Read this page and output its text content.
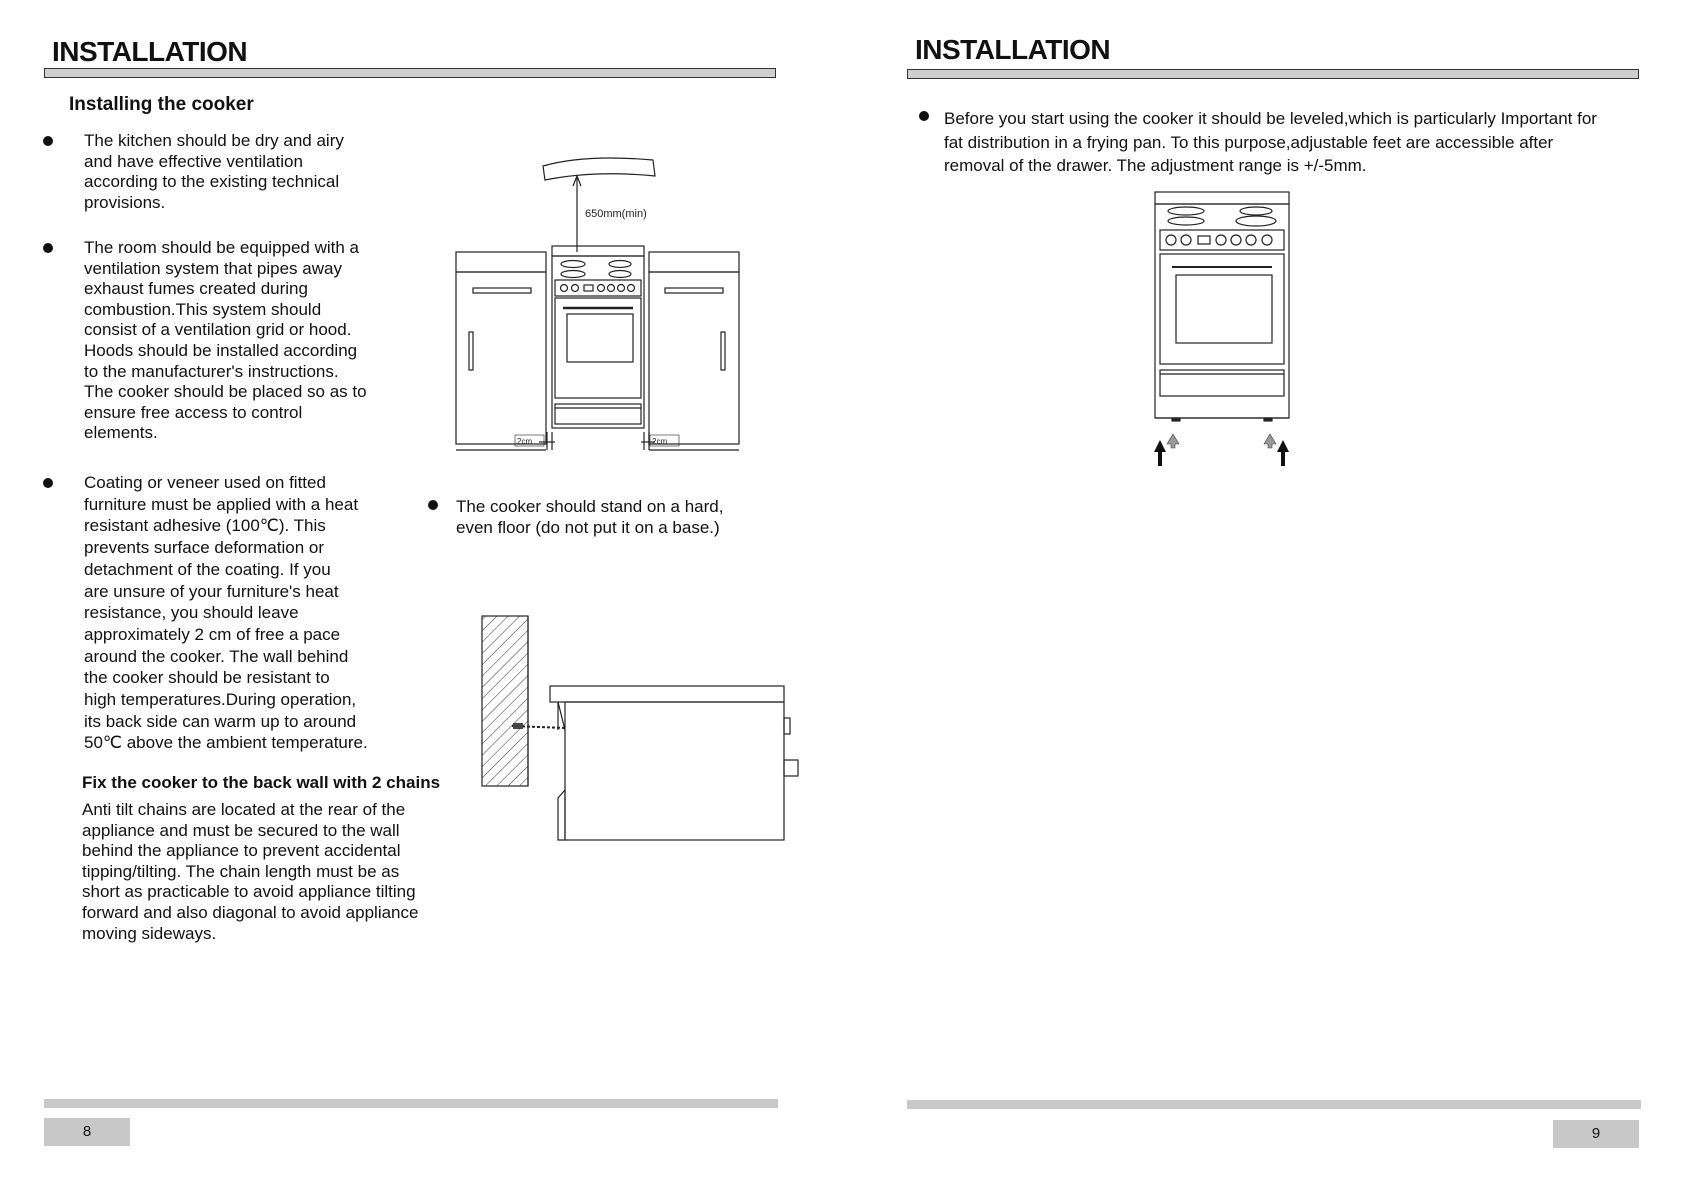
INSTALLATION

Installing the cooker

The kitchen should be dry and airy
and have effective ventilation
according to the existing technical
provisions.

The room should be equipped with a
ventilation system that pipes away
exhaust fumes created during
combustion.This system should
consist of a ventilation grid or hood.
Hoods should be installed according
to the manufacturer's instructions.
The cooker should be placed so as to
ensure free access to control
elements.

Coating or veneer used on fitted
furniture must be applied with a heat
resistant adhesive (100℃). This
prevents surface deformation or
detachment of the coating. If you
are unsure of your furniture's heat
resistance, you should leave
approximately 2 cm of free a pace
around the cooker. The wall behind
the cooker should be resistant to
high temperatures.During operation,
its back side can warm up to around
50℃ above the ambient temperature.

The cooker should stand on a hard,
even floor (do not put it on a base.)

Fix the cooker to the back wall with 2 chains

Anti tilt chains are located at the rear of the
appliance and must be secured to the wall
behind the appliance to prevent accidental
tipping/tilting. The chain length must be as
short as practicable to avoid appliance tilting
forward and also diagonal to avoid appliance
moving sideways.

650mm(min)
2cm	2cm
8
INSTALLATION

Before you start using the cooker it should be leveled,which is particularly Important for
fat distribution in a frying pan. To this purpose,adjustable feet are accessible after
removal of the drawer. The adjustment range is +/-5mm.

9
